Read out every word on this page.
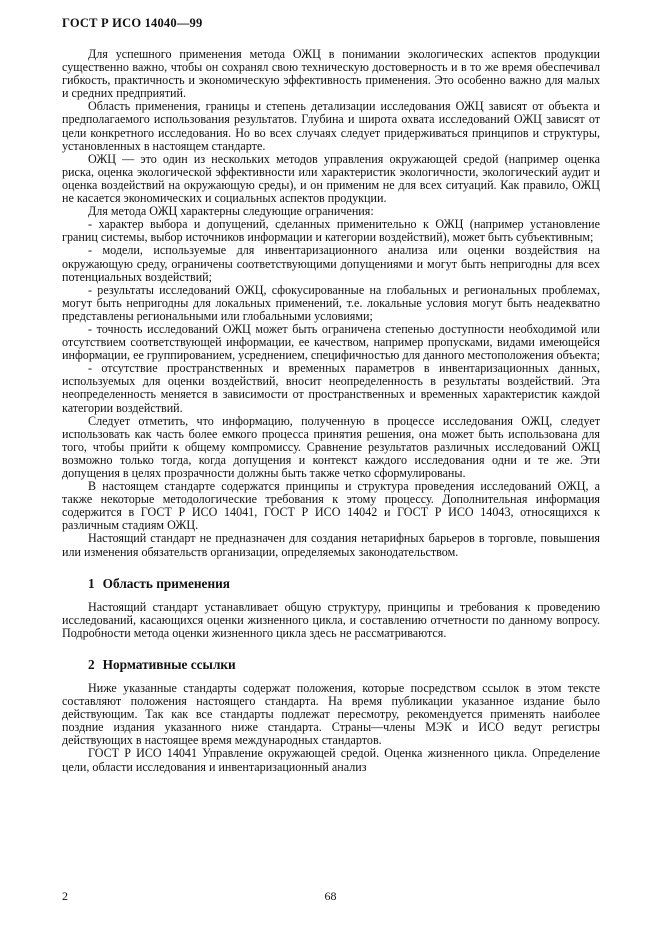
ГОСТ Р ИСО 14040—99

Для успешного применения метода ОЖЦ в понимании экологических аспектов продукции существенно важно, чтобы он сохранял свою техническую достоверность и в то же время обеспечивал гибкость, практичность и экономическую эффективность применения. Это особенно важно для малых и средних предприятий.

Область применения, границы и степень детализации исследования ОЖЦ зависят от объекта и предполагаемого использования результатов. Глубина и широта охвата исследований ОЖЦ зависят от цели конкретного исследования. Но во всех случаях следует придерживаться принципов и структуры, установленных в настоящем стандарте.

ОЖЦ — это один из нескольких методов управления окружающей средой (например оценка риска, оценка экологической эффективности или характеристик экологичности, экологический аудит и оценка воздействий на окружающую среды), и он применим не для всех ситуаций. Как правило, ОЖЦ не касается экономических и социальных аспектов продукции.

Для метода ОЖЦ характерны следующие ограничения:

- характер выбора и допущений, сделанных применительно к ОЖЦ (например установление границ системы, выбор источников информации и категории воздействий), может быть субъективным;

- модели, используемые для инвентаризационного анализа или оценки воздействия на окружающую среду, ограничены соответствующими допущениями и могут быть непригодны для всех потенциальных воздействий;

- результаты исследований ОЖЦ, сфокусированные на глобальных и региональных проблемах, могут быть непригодны для локальных применений, т.е. локальные условия могут быть неадекватно представлены региональными или глобальными условиями;

- точность исследований ОЖЦ может быть ограничена степенью доступности необходимой или отсутствием соответствующей информации, ее качеством, например пропусками, видами имеющейся информации, ее группированием, усреднением, специфичностью для данного местоположения объекта;

- отсутствие пространственных и временных параметров в инвентаризационных данных, используемых для оценки воздействий, вносит неопределенность в результаты воздействий. Эта неопределенность меняется в зависимости от пространственных и временных характеристик каждой категории воздействий.

Следует отметить, что информацию, полученную в процессе исследования ОЖЦ, следует использовать как часть более емкого процесса принятия решения, она может быть использована для того, чтобы прийти к общему компромиссу. Сравнение результатов различных исследований ОЖЦ возможно только тогда, когда допущения и контекст каждого исследования одни и те же. Эти допущения в целях прозрачности должны быть также четко сформулированы.

В настоящем стандарте содержатся принципы и структура проведения исследований ОЖЦ, а также некоторые методологические требования к этому процессу. Дополнительная информация содержится в ГОСТ Р ИСО 14041, ГОСТ Р ИСО 14042 и ГОСТ Р ИСО 14043, относящихся к различным стадиям ОЖЦ.

Настоящий стандарт не предназначен для создания нетарифных барьеров в торговле, повышения или изменения обязательств организации, определяемых законодательством.

1 Область применения

Настоящий стандарт устанавливает общую структуру, принципы и требования к проведению исследований, касающихся оценки жизненного цикла, и составлению отчетности по данному вопросу. Подробности метода оценки жизненного цикла здесь не рассматриваются.

2 Нормативные ссылки

Ниже указанные стандарты содержат положения, которые посредством ссылок в этом тексте составляют положения настоящего стандарта. На время публикации указанное издание было действующим. Так как все стандарты подлежат пересмотру, рекомендуется применять наиболее поздние издания указанного ниже стандарта. Страны—члены МЭК и ИСО ведут регистры действующих в настоящее время международных стандартов.

ГОСТ Р ИСО 14041 Управление окружающей средой. Оценка жизненного цикла. Определение цели, области исследования и инвентаризационный анализ

2	68
